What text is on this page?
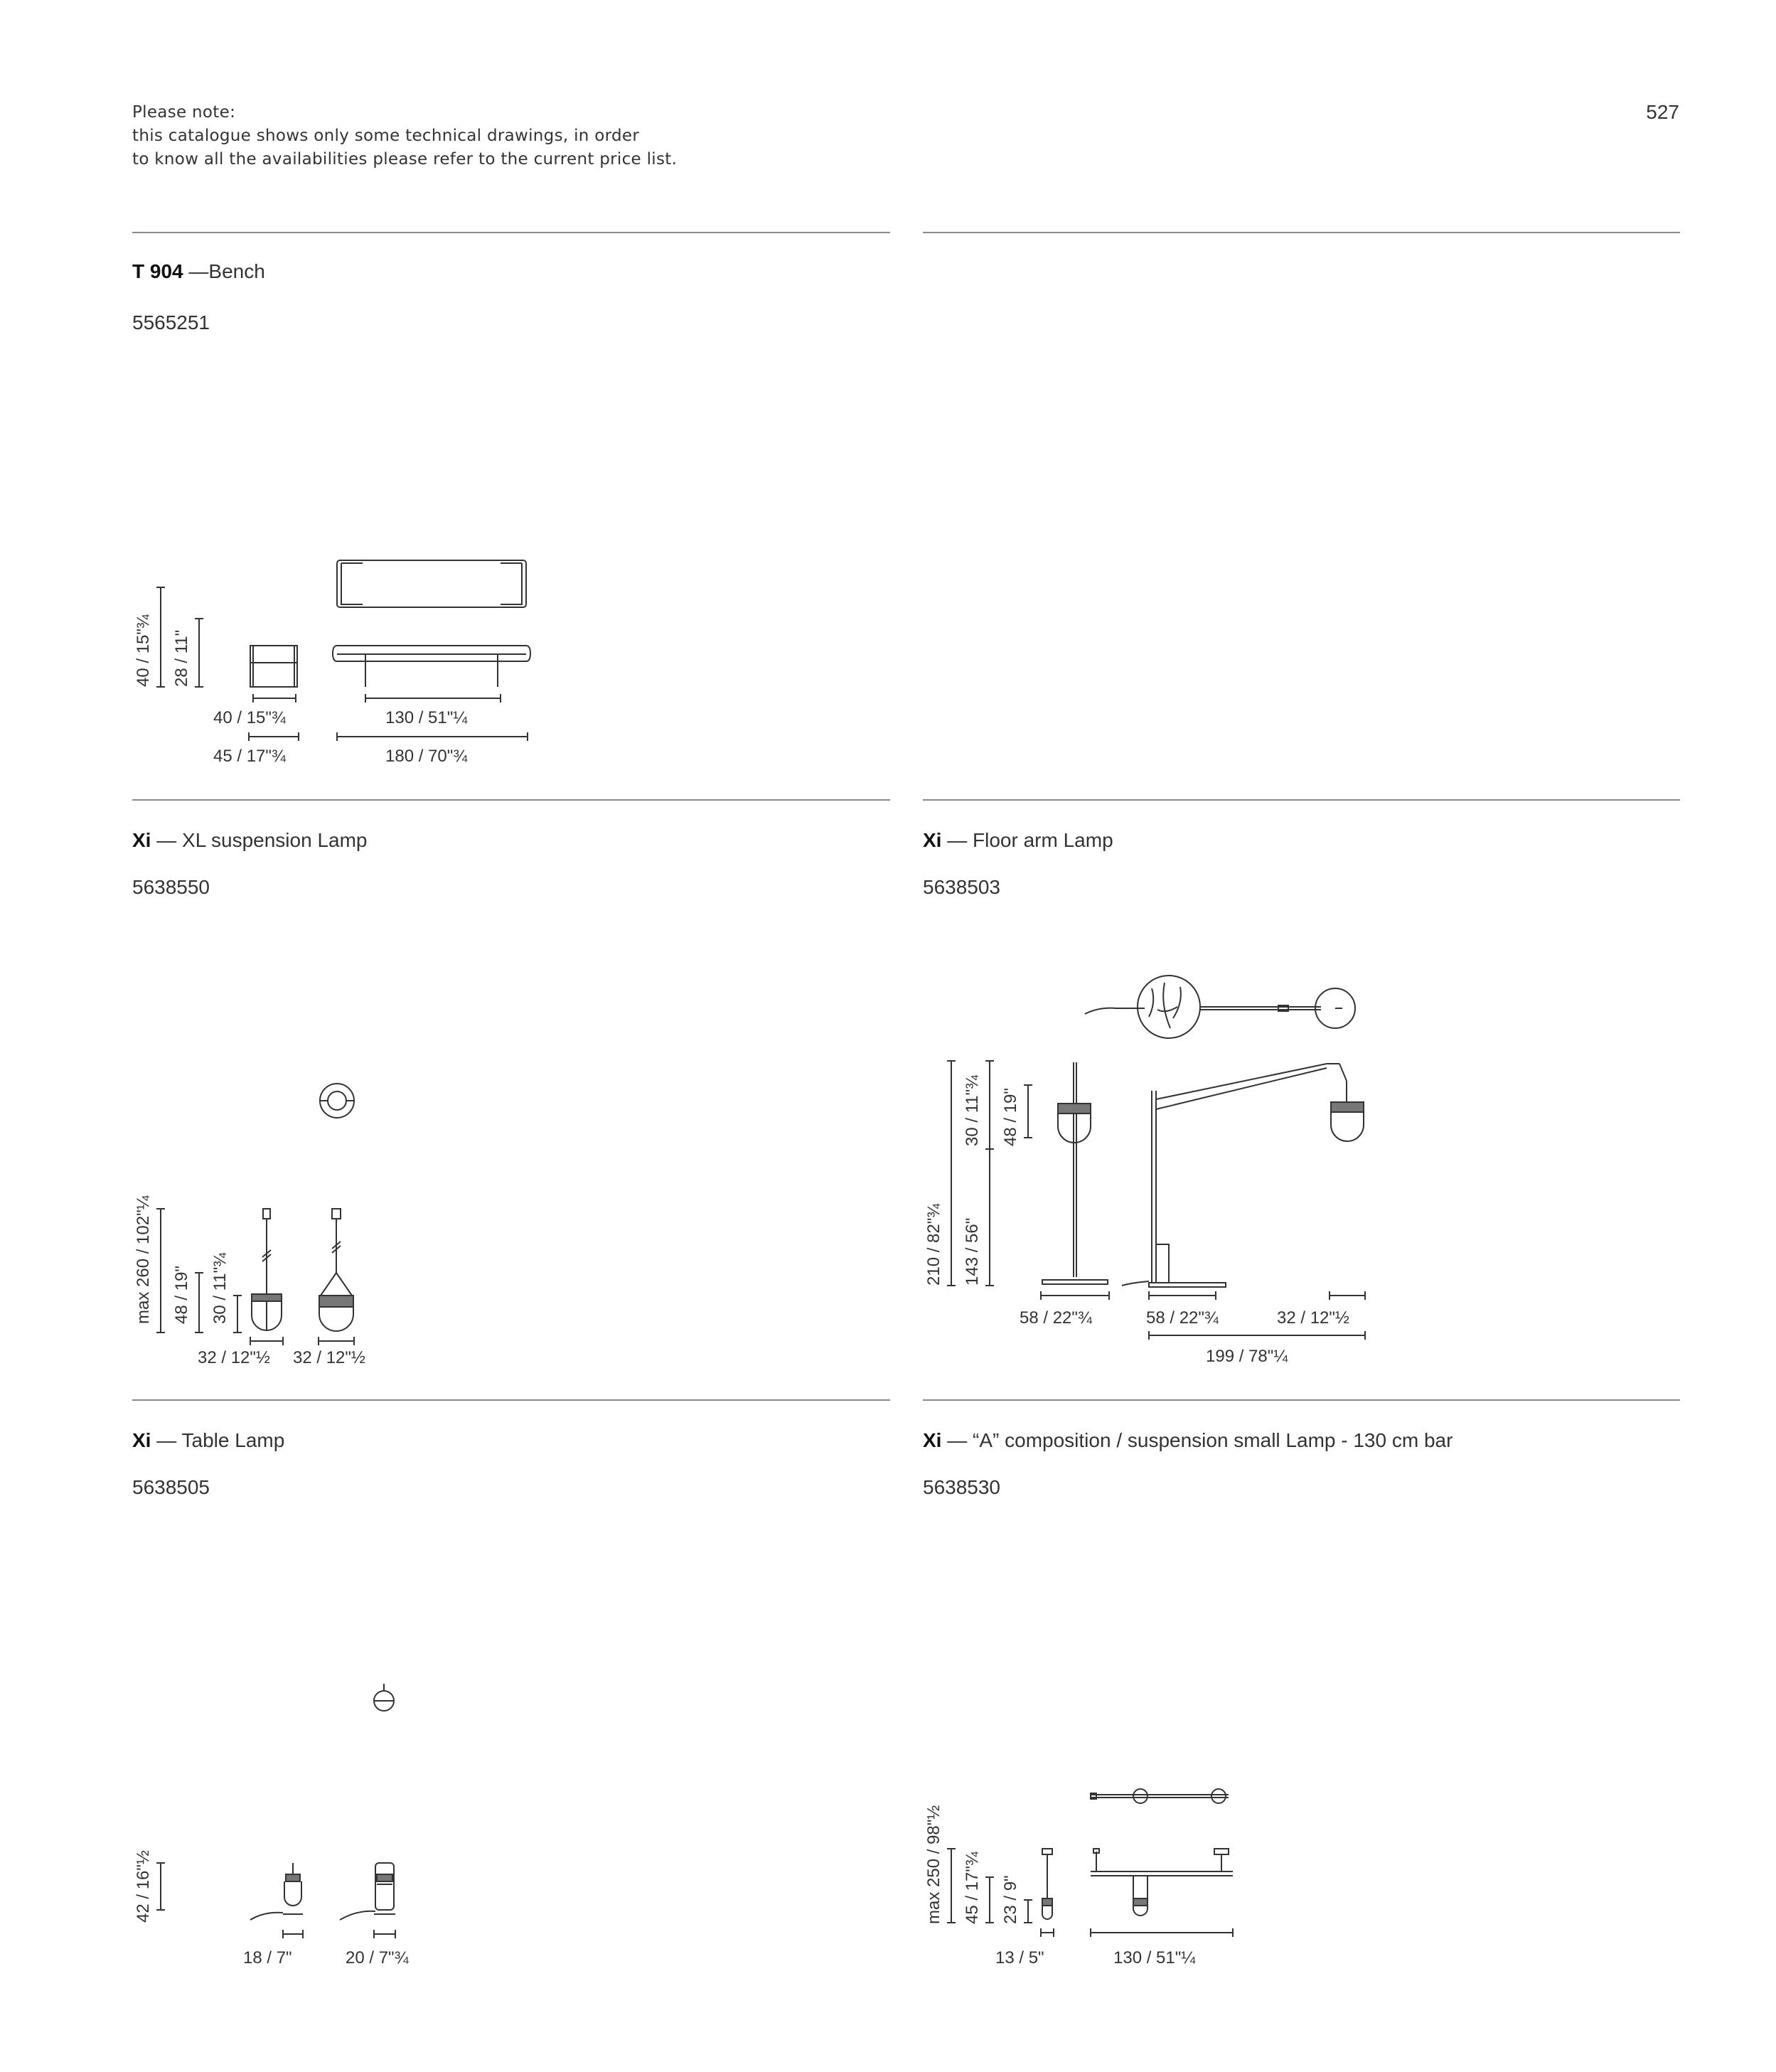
Please note:
this catalogue shows only some technical drawings, in order
to know all the availabilities please refer to the current price list.
527
T 904 —Bench
5565251
40 / 15"¾ 28 / 11"
40 / 15"¾	130 / 51"¼
45 / 17"¾	180 / 70"¾
Xi — XL suspension Lamp
5638550
max 260 / 102"¼ 48 / 19" 30 / 11"¾
32 / 12"½ 32 / 12"½
Xi — Floor arm Lamp
5638503
210 / 82"¾ 143 / 56"
30 / 11"¾ 48 / 19"
58 / 22"¾	58 / 22"¾	32 / 12"½
199 / 78"¼
Xi — Table Lamp
5638505
42 / 16"½
18 / 7"	20 / 7"¾
Xi — “A” composition / suspension small Lamp - 130 cm bar
5638530
max 250 / 98"½ 45 / 17"¾ 23 / 9"
13 / 5"	130 / 51"¼
